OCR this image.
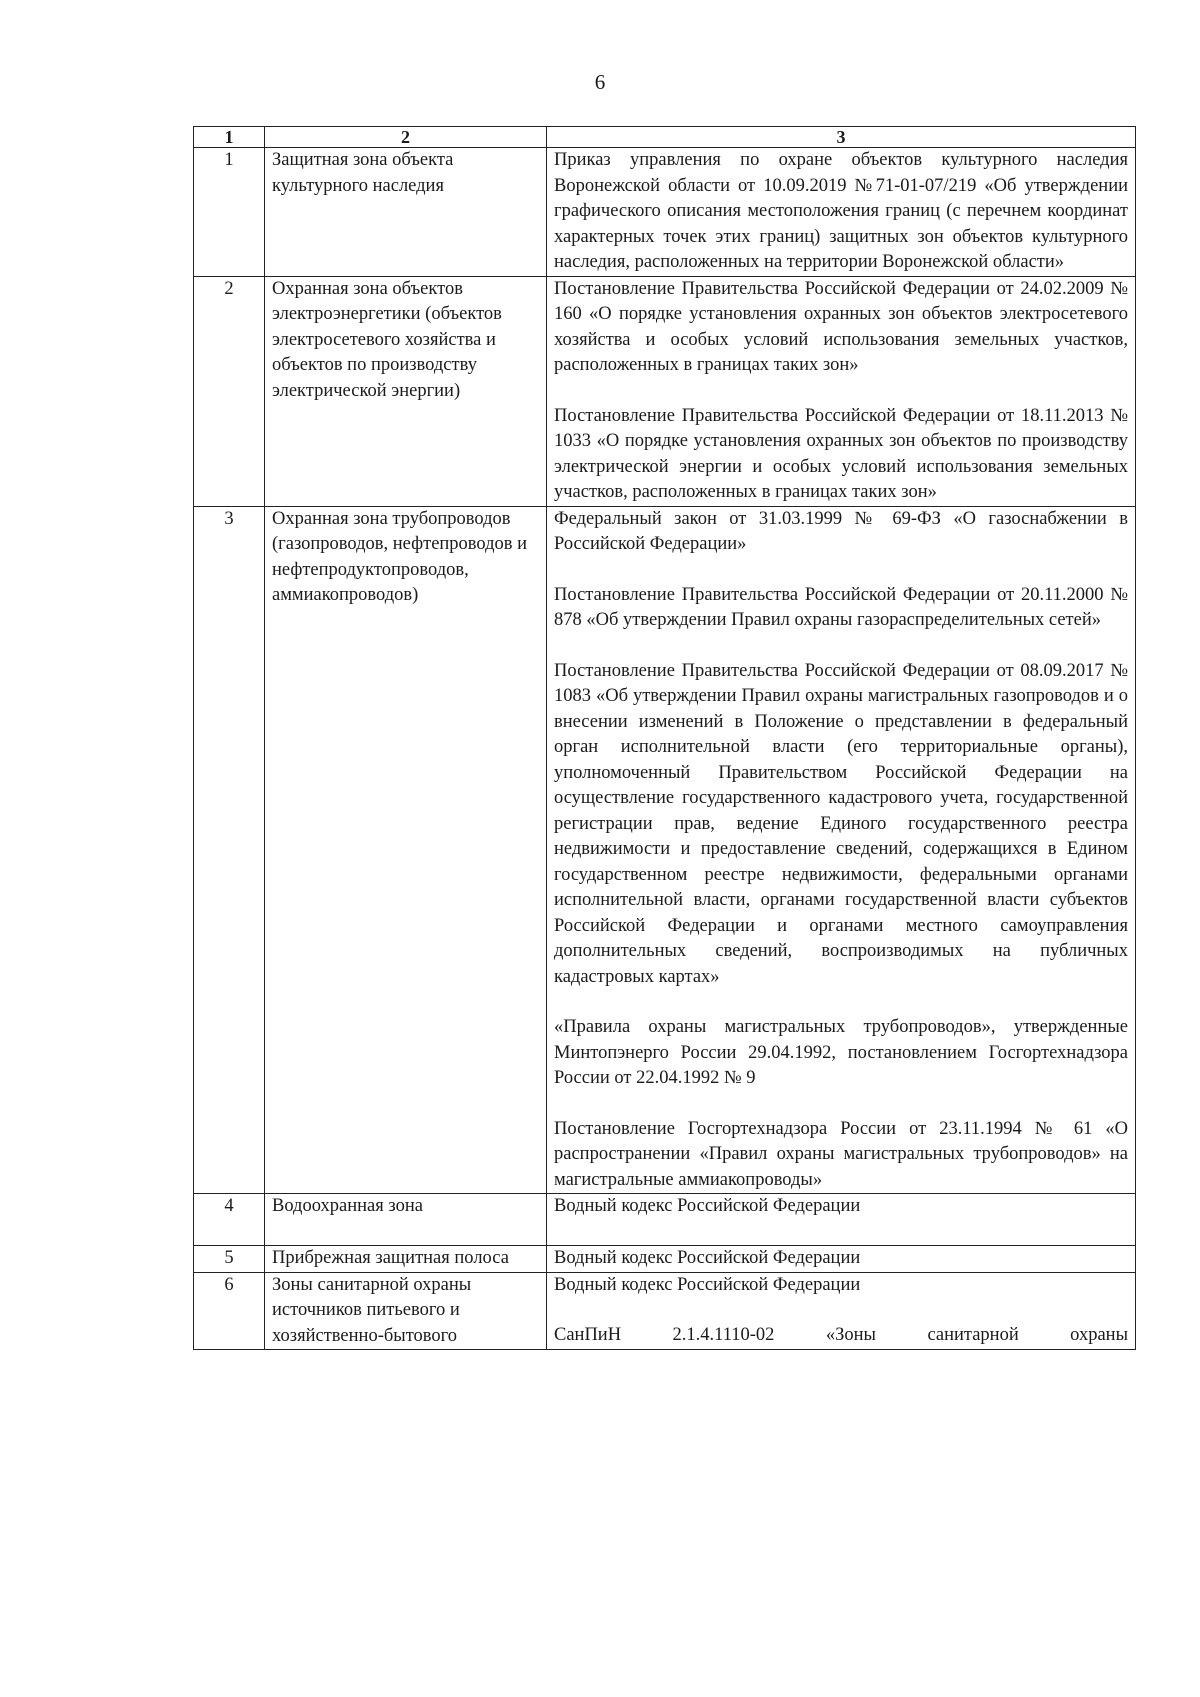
6
1	2	3
1	Защитная зона объекта культурного наследия	Приказ управления по охране объектов культурного наследия Воронежской области от 10.09.2019 №71-01-07/219 «Об утверждении графического описания местоположения границ (с перечнем координат характерных точек этих границ) защитных зон объектов культурного наследия, расположенных на территории Воронежской области»

2	Охранная зона объектов электроэнергетики (объектов электросетевого хозяйства и объектов по производству электрической энергии)	Постановление Правительства Российской Федерации от 24.02.2009 № 160 «О порядке установления охранных зон объектов электросетевого хозяйства и особых условий использования земельных участков, расположенных в границах таких зон»

Постановление Правительства Российской Федерации от 18.11.2013 № 1033 «О порядке установления охранных зон объектов по производству электрической энергии и особых условий использования земельных участков, расположенных в границах таких зон»

3	Охранная зона трубопроводов (газопроводов, нефтепроводов и нефтепродуктопроводов, аммиакопроводов)	Федеральный закон от 31.03.1999 № 69-ФЗ «О газоснабжении в Российской Федерации»

Постановление Правительства Российской Федерации от 20.11.2000 № 878 «Об утверждении Правил охраны газораспределительных сетей»

Постановление Правительства Российской Федерации от 08.09.2017 № 1083 «Об утверждении Правил охраны магистральных газопроводов и о внесении изменений в Положение о представлении в федеральный орган исполнительной власти (его территориальные органы), уполномоченный Правительством Российской Федерации на осуществление государственного кадастрового учета, государственной регистрации прав, ведение Единого государственного реестра недвижимости и предоставление сведений, содержащихся в Едином государственном реестре недвижимости, федеральными органами исполнительной власти, органами государственной власти субъектов Российской Федерации и органами местного самоуправления дополнительных сведений, воспроизводимых на публичных кадастровых картах»

«Правила охраны магистральных трубопроводов», утвержденные Минтопэнерго России 29.04.1992, постановлением Госгортехнадзора России от 22.04.1992 № 9

Постановление Госгортехнадзора России от 23.11.1994 № 61 «О распространении «Правил охраны магистральных трубопроводов» на магистральные аммиакопроводы»

4	Водоохранная зона	Водный кодекс Российской Федерации

5	Прибрежная защитная полоса	Водный кодекс Российской Федерации

6	Зоны санитарной охраны источников питьевого и хозяйственно-бытового	Водный кодекс Российской Федерации

СанПиН 2.1.4.1110-02 «Зоны санитарной охраны
